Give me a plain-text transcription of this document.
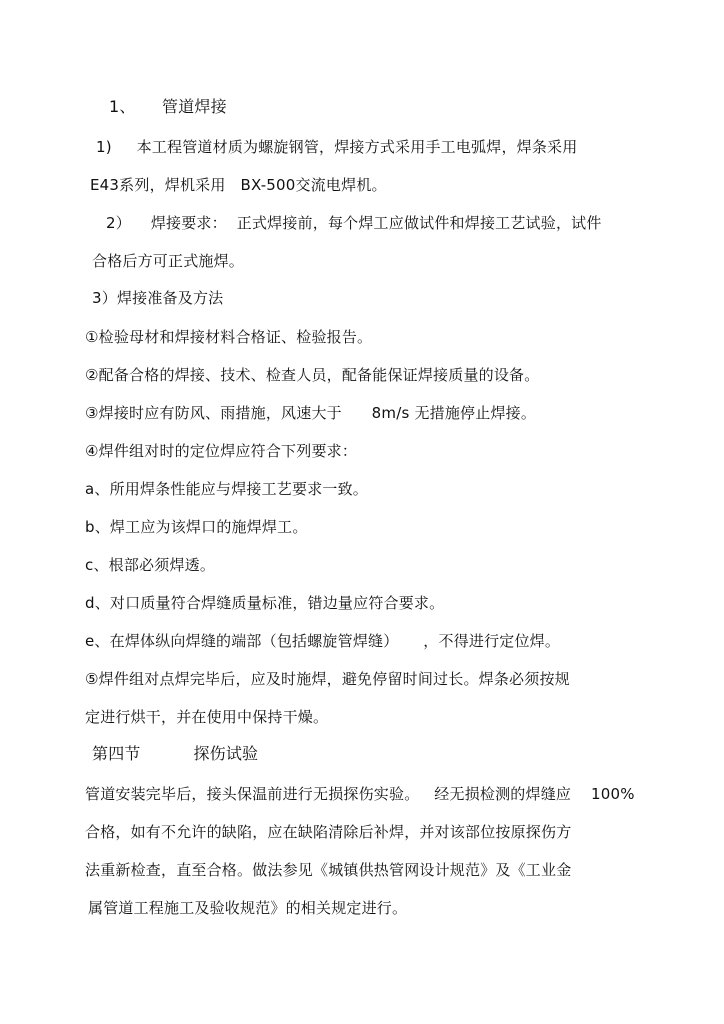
1、     管道焊接
1)     本工程管道材质为螺旋钢管，焊接方式采用手工电弧焊，焊条采用
E43系列，焊机采用   BX-500交流电焊机。
2）    焊接要求：  正式焊接前，每个焊工应做试件和焊接工艺试验，试件
合格后方可正式施焊。
3）焊接准备及方法
①检验母材和焊接材料合格证、检验报告。
②配备合格的焊接、技术、检查人员，配备能保证焊接质量的设备。
③焊接时应有防风、雨措施，风速大于      8m/s 无措施停止焊接。
④焊件组对时的定位焊应符合下列要求：
a、所用焊条性能应与焊接工艺要求一致。
b、焊工应为该焊口的施焊焊工。
c、根部必须焊透。
d、对口质量符合焊缝质量标准，错边量应符合要求。
e、在焊体纵向焊缝的端部（包括螺旋管焊缝）     ，不得进行定位焊。
⑤焊件组对点焊完毕后，应及时施焊，避免停留时间过长。焊条必须按规
定进行烘干，并在使用中保持干燥。
第四节          探伤试验
管道安装完毕后，接头保温前进行无损探伤实验。   经无损检测的焊缝应    100%
合格，如有不允许的缺陷，应在缺陷清除后补焊，并对该部位按原探伤方
法重新检查，直至合格。做法参见《城镇供热管网设计规范》及《工业金
属管道工程施工及验收规范》的相关规定进行。
